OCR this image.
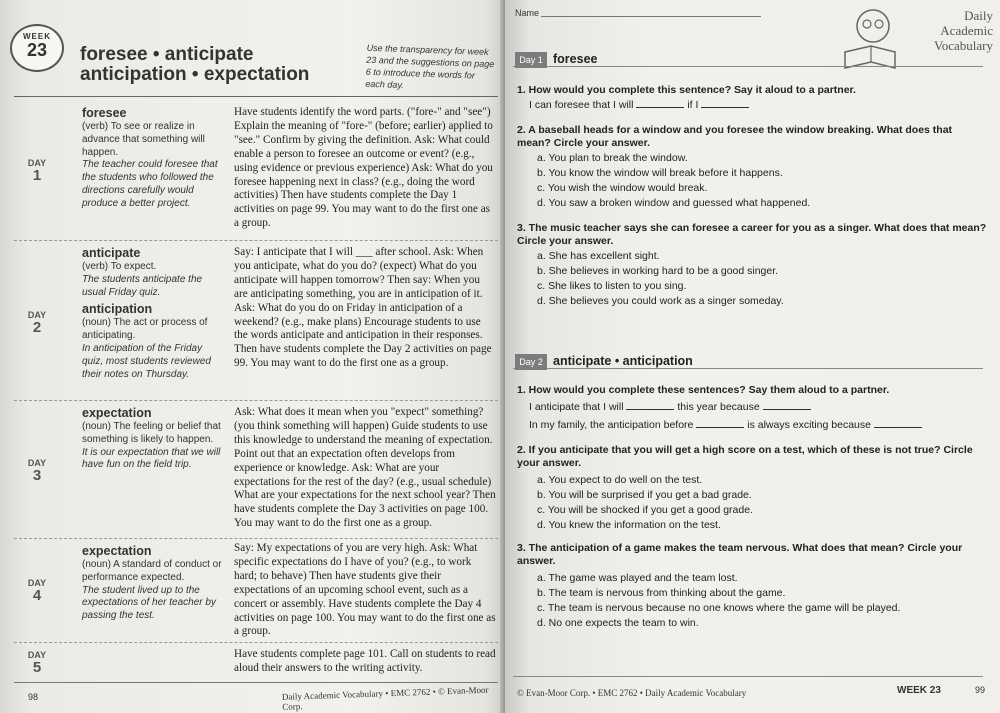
WEEK
23	foresee • anticipate
anticipation • expectation
Use the transparency for week 23 and the suggestions on page 6 to introduce the words for each day.
DAY
1
foresee
(verb) To see or realize in advance that something will happen.
The teacher could foresee that the students who followed the directions carefully would produce a better project.
Have students identify the word parts. ("fore-" and "see") Explain the meaning of "fore-" (before; earlier) applied to "see." Confirm by giving the definition. Ask: What could enable a person to foresee an outcome or event? (e.g., using evidence or previous experience) Ask: What do you foresee happening next in class? (e.g., doing the word activities) Then have students complete the Day 1 activities on page 99. You may want to do the first one as a group.
DAY
2
anticipate
(verb) To expect.
The students anticipate the usual Friday quiz.
anticipation
(noun) The act or process of anticipating.
In anticipation of the Friday quiz, most students reviewed their notes on Thursday.
Say: I anticipate that I will ___ after school. Ask: When you anticipate, what do you do? (expect) What do you anticipate will happen tomorrow? Then say: When you are anticipating something, you are in anticipation of it. Ask: What do you do on Friday in anticipation of a weekend? (e.g., make plans) Encourage students to use the words anticipate and anticipation in their responses. Then have students complete the Day 2 activities on page 99. You may want to do the first one as a group.
DAY
3
expectation
(noun) The feeling or belief that something is likely to happen.
It is our expectation that we will have fun on the field trip.
Ask: What does it mean when you "expect" something? (you think something will happen) Guide students to use this knowledge to understand the meaning of expectation. Point out that an expectation often develops from experience or knowledge. Ask: What are your expectations for the rest of the day? (e.g., usual schedule) What are your expectations for the next school year? Then have students complete the Day 3 activities on page 100. You may want to do the first one as a group.
DAY
4
expectation
(noun) A standard of conduct or performance expected.
The student lived up to the expectations of her teacher by passing the test.
Say: My expectations of you are very high. Ask: What specific expectations do I have of you? (e.g., to work hard; to behave) Then have students give their expectations of an upcoming school event, such as a concert or assembly. Have students complete the Day 4 activities on page 100. You may want to do the first one as a group.
DAY
5
Have students complete page 101. Call on students to read aloud their answers to the writing activity.
98	Daily Academic Vocabulary • EMC 2762 • © Evan-Moor Corp.
Name	Daily
Academic
Vocabulary
Day 1 foresee
1. How would you complete this sentence? Say it aloud to a partner.
I can foresee that I will	if I
2. A baseball heads for a window and you foresee the window breaking. What does that mean? Circle your answer.
a. You plan to break the window.
b. You know the window will break before it happens.
c. You wish the window would break.
d. You saw a broken window and guessed what happened.
3. The music teacher says she can foresee a career for you as a singer. What does that mean? Circle your answer.
a. She has excellent sight.
b. She believes in working hard to be a good singer.
c. She likes to listen to you sing.
d. She believes you could work as a singer someday.
Day 2 anticipate • anticipation
1. How would you complete these sentences? Say them aloud to a partner.
I anticipate that I will	this year because
In my family, the anticipation before	is always exciting because
2. If you anticipate that you will get a high score on a test, which of these is not true? Circle your answer.
a. You expect to do well on the test.
b. You will be surprised if you get a bad grade.
c. You will be shocked if you get a good grade.
d. You knew the information on the test.
3. The anticipation of a game makes the team nervous. What does that mean? Circle your answer.
a. The game was played and the team lost.
b. The team is nervous from thinking about the game.
c. The team is nervous because no one knows where the game will be played.
d. No one expects the team to win.
© Evan-Moor Corp. • EMC 2762 • Daily Academic Vocabulary	WEEK 23	99
